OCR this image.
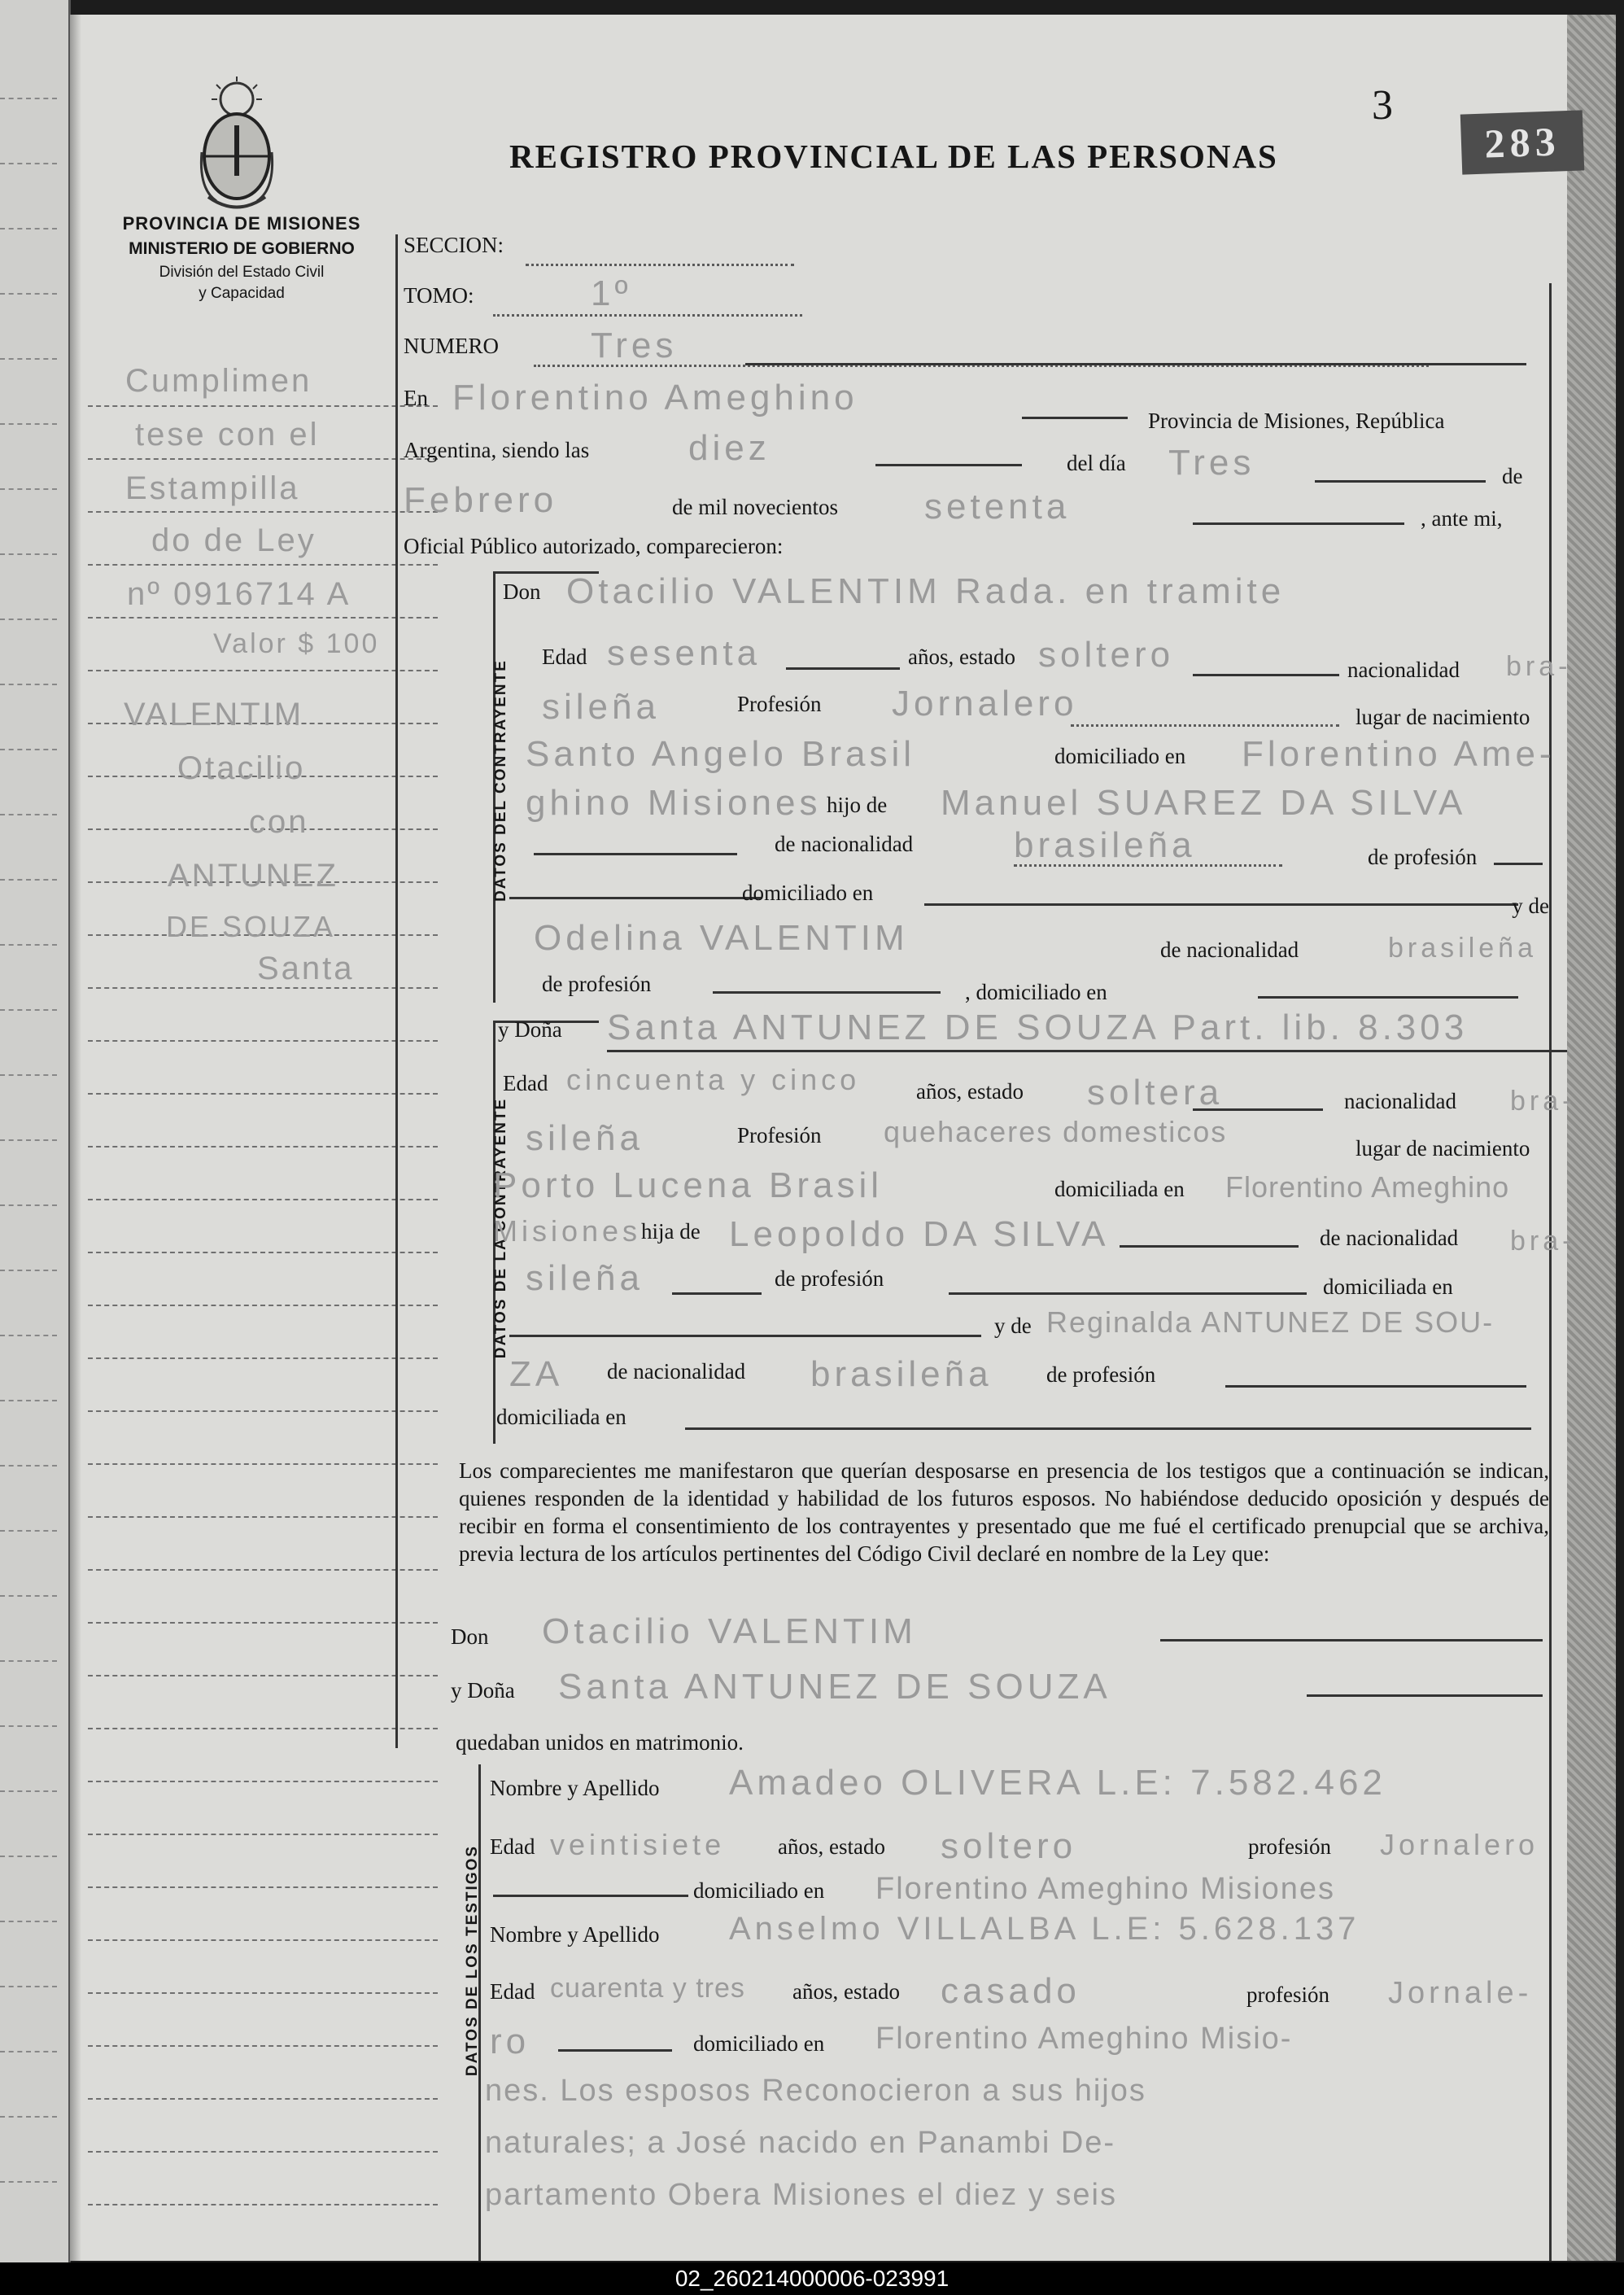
PROVINCIA DE MISIONES
MINISTERIO DE GOBIERNO
División del Estado Civil
y Capacidad
3
283
REGISTRO PROVINCIAL DE LAS PERSONAS
Cumplimen
tese con el
Estampilla
do de Ley
nº 0916714 A
Valor $ 100
VALENTIM
Otacilio
con
ANTUNEZ
DE SOUZA
Santa
SECCION:
TOMO:	1º
NUMERO	Tres
En Florentino Ameghino
Provincia de Misiones, República
Argentina, siendo las	diez	del día Tres	de
Febrero	de mil novecientos setenta	, ante mi,
Oficial Público autorizado, comparecieron:
DATOS DEL CONTRAYENTE
Don Otacilio VALENTIM Rada. en tramite
Edad sesenta	años, estado soltero	nacionalidad bra-
sileña	Profesión Jornalero	lugar de nacimiento
Santo Angelo Brasil	domiciliado en Florentino Ame-
ghino Misiones hijo de Manuel SUAREZ DA SILVA
de nacionalidad	brasileña	de profesión
domiciliado en
y de
Odelina VALENTIM	de nacionalidad	brasileña
de profesión	, domiciliado en
DATOS DE LA CONTRAYENTE
y Doña Santa ANTUNEZ DE SOUZA Part. lib. 8.303
Edad cincuenta y cinco	años, estado soltera	nacionalidad bra-
sileña	Profesión quehaceres domesticos	lugar de nacimiento
Porto Lucena Brasil	domiciliada en Florentino Ameghino
Misiones hija de Leopoldo DA SILVA	de nacionalidad bra-
sileña	de profesión	domiciliada en
y de Reginalda ANTUNEZ DE SOU-
ZA de nacionalidad brasileña de profesión
domiciliada en
Los comparecientes me manifestaron que querían desposarse en presencia de los testigos que a continuación se indican, quienes responden de la identidad y habilidad de los futuros esposos. No habiéndose deducido oposición y después de recibir en forma el consentimiento de los contrayentes y presentado que me fué el certificado prenupcial que se archiva, previa lectura de los artículos pertinentes del Código Civil declaré en nombre de la Ley que:
Don Otacilio VALENTIM
y Doña Santa ANTUNEZ DE SOUZA
quedaban unidos en matrimonio.
DATOS DE LOS TESTIGOS
Nombre y Apellido Amadeo OLIVERA L.E: 7.582.462
Edad veintisiete años, estado soltero	profesión Jornalero
domiciliado en Florentino Ameghino Misiones
Nombre y Apellido Anselmo VILLALBA L.E: 5.628.137
Edad cuarenta y tres años, estado casado	profesión Jornale-
ro	domiciliado en Florentino Ameghino Misio-
nes. Los esposos Reconocieron a sus hijos
naturales; a José nacido en Panambi De-
partamento Obera Misiones el diez y seis
02_260214000006-023991
